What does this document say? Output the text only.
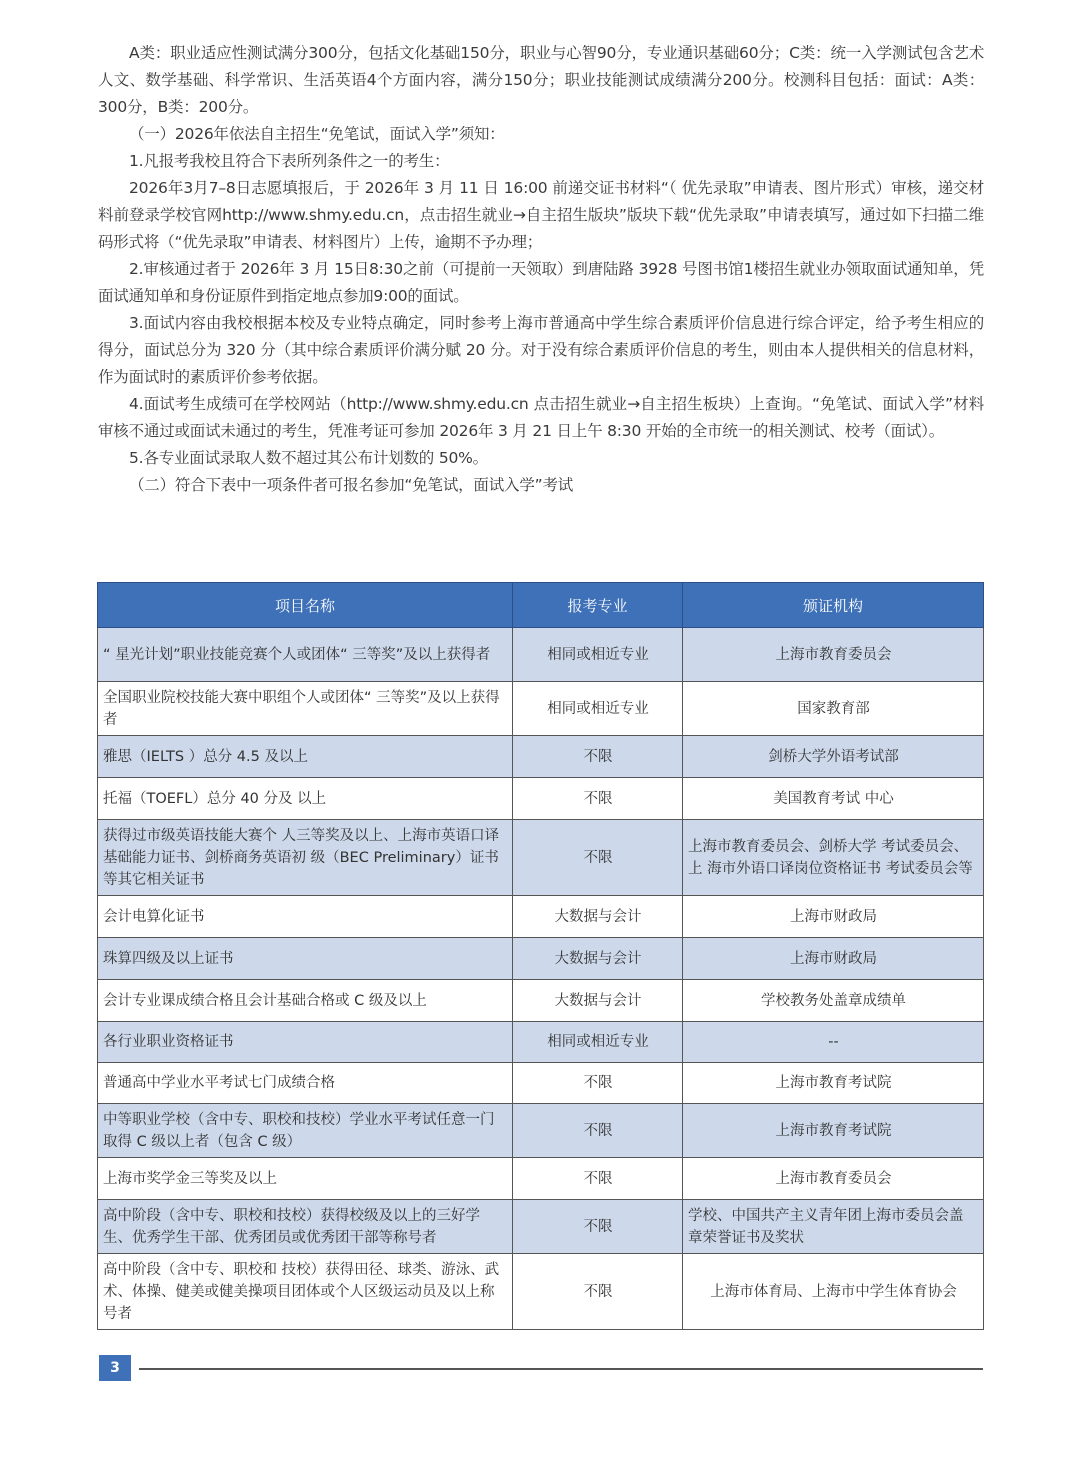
A类：职业适应性测试满分300分，包括文化基础150分，职业与心智90分，专业通识基础60分；C类：统一入学测试包含艺术人文、数学基础、科学常识、生活英语4个方面内容，满分150分；职业技能测试成绩满分200分。校测科目包括：面试：A类：300分，B类：200分。

（一）2026年依法自主招生“免笔试，面试入学”须知：

1.凡报考我校且符合下表所列条件之一的考生：

2026年3月7–8日志愿填报后，于 2026年 3 月 11 日 16:00 前递交证书材料“（ 优先录取”申请表、图片形式）审核，递交材料前登录学校官网http://www.shmy.edu.cn，点击招生就业→自主招生版块”版块下载“优先录取”申请表填写，通过如下扫描二维码形式将（“优先录取”申请表、材料图片）上传，逾期不予办理；

2.审核通过者于 2026年 3 月 15日8:30之前（可提前一天领取）到唐陆路 3928 号图书馆1楼招生就业办领取面试通知单，凭面试通知单和身份证原件到指定地点参加9:00的面试。

3.面试内容由我校根据本校及专业特点确定，同时参考上海市普通高中学生综合素质评价信息进行综合评定，给予考生相应的得分，面试总分为 320 分（其中综合素质评价满分赋 20 分。对于没有综合素质评价信息的考生，则由本人提供相关的信息材料，作为面试时的素质评价参考依据。

4.面试考生成绩可在学校网站（http://www.shmy.edu.cn 点击招生就业→自主招生板块）上查询。“免笔试、面试入学”材料审核不通过或面试未通过的考生，凭准考证可参加 2026年 3 月 21 日上午 8:30 开始的全市统一的相关测试、校考（面试）。

5.各专业面试录取人数不超过其公布计划数的 50%。

（二）符合下表中一项条件者可报名参加“免笔试，面试入学”考试

项目名称	报考专业	颁证机构
“ 星光计划”职业技能竞赛个人或团体“ 三等奖”及以上获得者	相同或相近专业	上海市教育委员会
全国职业院校技能大赛中职组个人或团体“ 三等奖”及以上获得者	相同或相近专业	国家教育部
雅思（IELTS ）总分 4.5 及以上	不限	剑桥大学外语考试部
托福（TOEFL）总分 40 分及 以上	不限	美国教育考试 中心
获得过市级英语技能大赛个 人三等奖及以上、上海市英语口译基础能力证书、剑桥商务英语初 级（BEC Preliminary）证书等其它相关证书	不限	上海市教育委员会、剑桥大学 考试委员会、上 海市外语口译岗位资格证书 考试委员会等
会计电算化证书	大数据与会计	上海市财政局
珠算四级及以上证书	大数据与会计	上海市财政局
会计专业课成绩合格且会计基础合格或 C 级及以上	大数据与会计	学校教务处盖章成绩单
各行业职业资格证书	相同或相近专业	--
普通高中学业水平考试七门成绩合格	不限	上海市教育考试院
中等职业学校（含中专、职校和技校）学业水平考试任意一门取得 C 级以上者（包含 C 级）	不限	上海市教育考试院
上海市奖学金三等奖及以上	不限	上海市教育委员会
高中阶段（含中专、职校和技校）获得校级及以上的三好学生、优秀学生干部、优秀团员或优秀团干部等称号者	不限	学校、中国共产主义青年团上海市委员会盖 章荣誉证书及奖状
高中阶段（含中专、职校和 技校）获得田径、球类、游泳、武术、体操、健美或健美操项目团体或个人区级运动员及以上称号者	不限	上海市体育局、上海市中学生体育协会
3
